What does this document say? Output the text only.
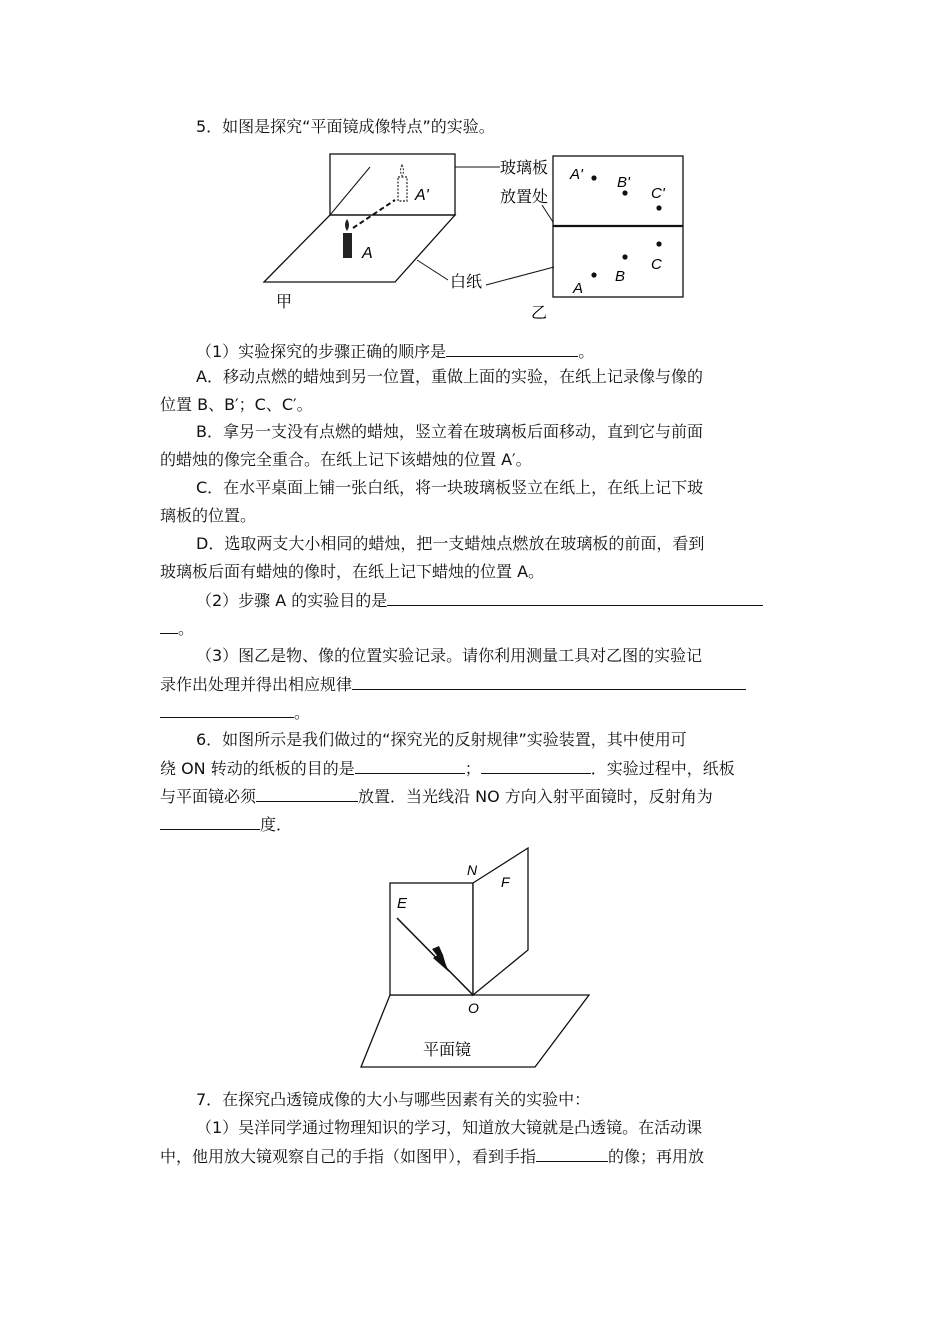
5．如图是探究“平面镜成像特点”的实验。
A
A'
玻璃板
白纸
甲
放置处
A' B'
C'
A
B
C
乙
（1）实验探究的步骤正确的顺序是	。
A．移动点燃的蜡烛到另一位置，重做上面的实验，在纸上记录像与像的
位置 B、B′；C、C′。
B．拿另一支没有点燃的蜡烛，竖立着在玻璃板后面移动，直到它与前面
的蜡烛的像完全重合。在纸上记下该蜡烛的位置 A′。
C．在水平桌面上铺一张白纸，将一块玻璃板竖立在纸上，在纸上记下玻
璃板的位置。
D．选取两支大小相同的蜡烛，把一支蜡烛点燃放在玻璃板的前面，看到
玻璃板后面有蜡烛的像时，在纸上记下蜡烛的位置 A。
（2）步骤 A 的实验目的是
。
（3）图乙是物、像的位置实验记录。请你利用测量工具对乙图的实验记
录作出处理并得出相应规律
。
6．如图所示是我们做过的“探究光的反射规律”实验装置，其中使用可
绕 ON 转动的纸板的目的是	；	．实验过程中，纸板
与平面镜必须	放置．当光线沿 NO 方向入射平面镜时，反射角为
度．
N
F
E
O
平面镜
7．在探究凸透镜成像的大小与哪些因素有关的实验中：
（1）吴洋同学通过物理知识的学习，知道放大镜就是凸透镜。在活动课
中，他用放大镜观察自己的手指（如图甲），看到手指	的像；再用放
